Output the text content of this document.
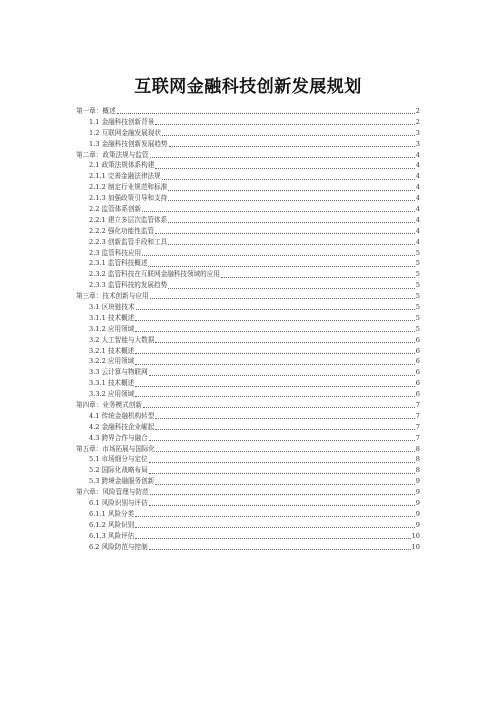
互联网金融科技创新发展规划
第一章：概述	2
1.1 金融科技创新背景	2
1.2 互联网金融发展现状	3
1.3 金融科技创新发展趋势	3
第二章：政策法规与监管	4
2.1 政策法规体系构建	4
2.1.1 完善金融法律法规	4
2.1.2 制定行业规范和标准	4
2.1.3 加强政策引导和支持	4
2.2 监管体系创新	4
2.2.1 建立多层次监管体系	4
2.2.2 强化功能性监管	4
2.2.3 创新监管手段和工具	4
2.3 监管科技应用	5
2.3.1 监管科技概述	5
2.3.2 监管科技在互联网金融科技领域的应用	5
2.3.3 监管科技的发展趋势	5
第三章：技术创新与应用	5
3.1 区块链技术	5
3.1.1 技术概述	5
3.1.2 应用领域	5
3.2 人工智能与大数据	6
3.2.1 技术概述	6
3.2.2 应用领域	6
3.3 云计算与物联网	6
3.3.1 技术概述	6
3.3.2 应用领域	6
第四章：业务模式创新	7
4.1 传统金融机构转型	7
4.2 金融科技企业崛起	7
4.3 跨界合作与融合	7
第五章：市场拓展与国际化	8
5.1 市场细分与定位	8
5.2 国际化战略布局	8
5.3 跨境金融服务创新	9
第六章：风险管理与防范	9
6.1 风险识别与评估	9
6.1.1 风险分类	9
6.1.2 风险识别	9
6.1.3 风险评估	10
6.2 风险防范与控制	10
